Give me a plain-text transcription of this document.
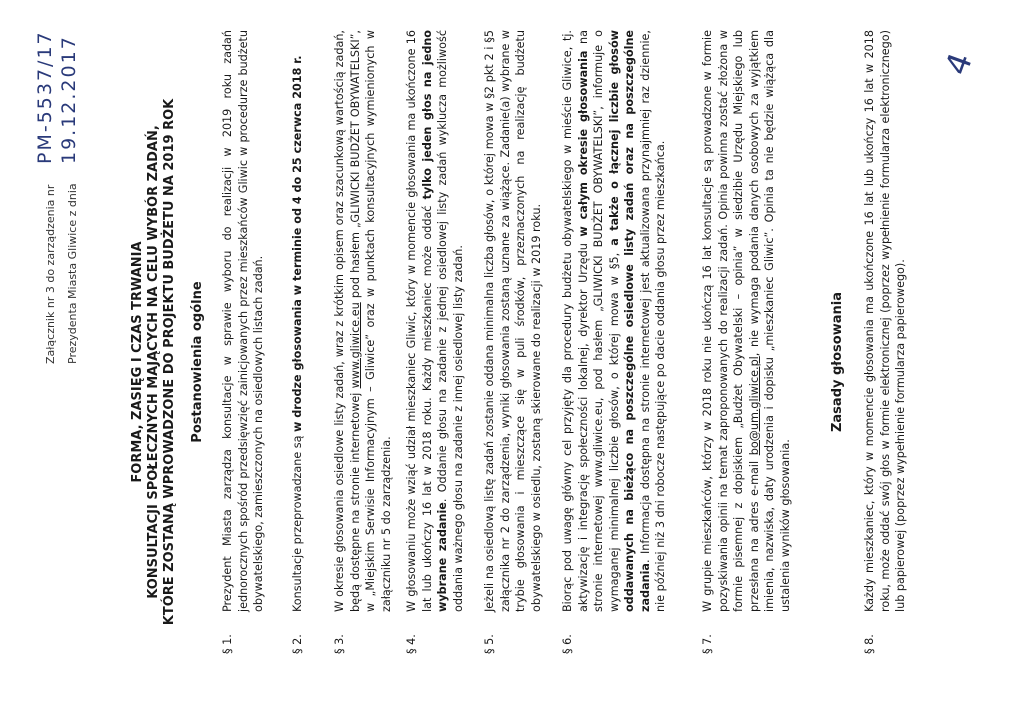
Załącznik nr 3 do zarządzenia nr Prezydenta Miasta Gliwice z dnia
PM-5537/17 19.12.2017	4
FORMA, ZASIĘG I CZAS TRWANIA KONSULTACJI SPOŁECZNYCH MAJĄCYCH NA CELU WYBÓR ZADAŃ, KTÓRE ZOSTANĄ WPROWADZONE DO PROJEKTU BUDŻETU NA 2019 ROK Postanowienia ogólne
§ 1.
Prezydent Miasta zarządza konsultacje w sprawie wyboru do realizacji w 2019 roku zadań jednorocznych spośród przedsięwzięć zainicjowanych przez mieszkańców Gliwic w procedurze budżetu obywatelskiego, zamieszczonych na osiedlowych listach zadań.
§ 2.
Konsultacje przeprowadzane są w drodze głosowania w terminie od 4 do 25 czerwca 2018 r.
§ 3.
W okresie głosowania osiedlowe listy zadań, wraz z krótkim opisem oraz szacunkową wartością zadań, będą dostępne na stronie internetowej www.gliwice.eu pod hasłem „GLIWICKI BUDŻET OBYWATELSKI”, w „Miejskim Serwisie Informacyjnym – Gliwice” oraz w punktach konsultacyjnych wymienionych w załączniku nr 5 do zarządzenia.
§ 4.
W głosowaniu może wziąć udział mieszkaniec Gliwic, który w momencie głosowania ma ukończone 16 lat lub ukończy 16 lat w 2018 roku. Każdy mieszkaniec może oddać tylko jeden głos na jedno wybrane zadanie. Oddanie głosu na zadanie z jednej osiedlowej listy zadań wyklucza możliwość oddania ważnego głosu na zadanie z innej osiedlowej listy zadań.
§ 5.
Jeżeli na osiedlową listę zadań zostanie oddana minimalna liczba głosów, o której mowa w §2 pkt 2 i §5 załącznika nr 2 do zarządzenia, wyniki głosowania zostaną uznane za wiążące. Zadanie(a) wybrane w trybie głosowania i mieszczące się w puli środków, przeznaczonych na realizację budżetu obywatelskiego w osiedlu, zostaną skierowane do realizacji w 2019 roku.
§ 6.
Biorąc pod uwagę główny cel przyjęty dla procedury budżetu obywatelskiego w mieście Gliwice, tj. aktywizację i integrację społeczności lokalnej, dyrektor Urzędu w całym okresie głosowania na stronie internetowej www.gliwice.eu, pod hasłem „GLIWICKI BUDŻET OBYWATELSKI”, informuje o wymaganej minimalnej liczbie głosów, o której mowa w §5, a także o łącznej liczbie głosów oddawanych na bieżąco na poszczególne osiedlowe listy zadań oraz na poszczególne zadania. Informacja dostępna na stronie internetowej jest aktualizowana przynajmniej raz dziennie, nie później niż 3 dni robocze następujące po dacie oddania głosu przez mieszkańca.
§ 7.
W grupie mieszkańców, którzy w 2018 roku nie ukończą 16 lat konsultacje są prowadzone w formie pozyskiwania opinii na temat zaproponowanych do realizacji zadań. Opinia powinna zostać złożona w formie pisemnej z dopiskiem „Budżet Obywatelski – opinia” w siedzibie Urzędu Miejskiego lub przesłana na adres e-mail bo@um.gliwice.pl, nie wymaga podania danych osobowych za wyjątkiem imienia, nazwiska, daty urodzenia i dopisku „mieszkaniec Gliwic”. Opinia ta nie będzie wiążąca dla ustalenia wyników głosowania.
Zasady głosowania
§ 8.
Każdy mieszkaniec, który w momencie głosowania ma ukończone 16 lat lub ukończy 16 lat w 2018 roku, może oddać swój głos w formie elektronicznej (poprzez wypełnienie formularza elektronicznego) lub papierowej (poprzez wypełnienie formularza papierowego).
